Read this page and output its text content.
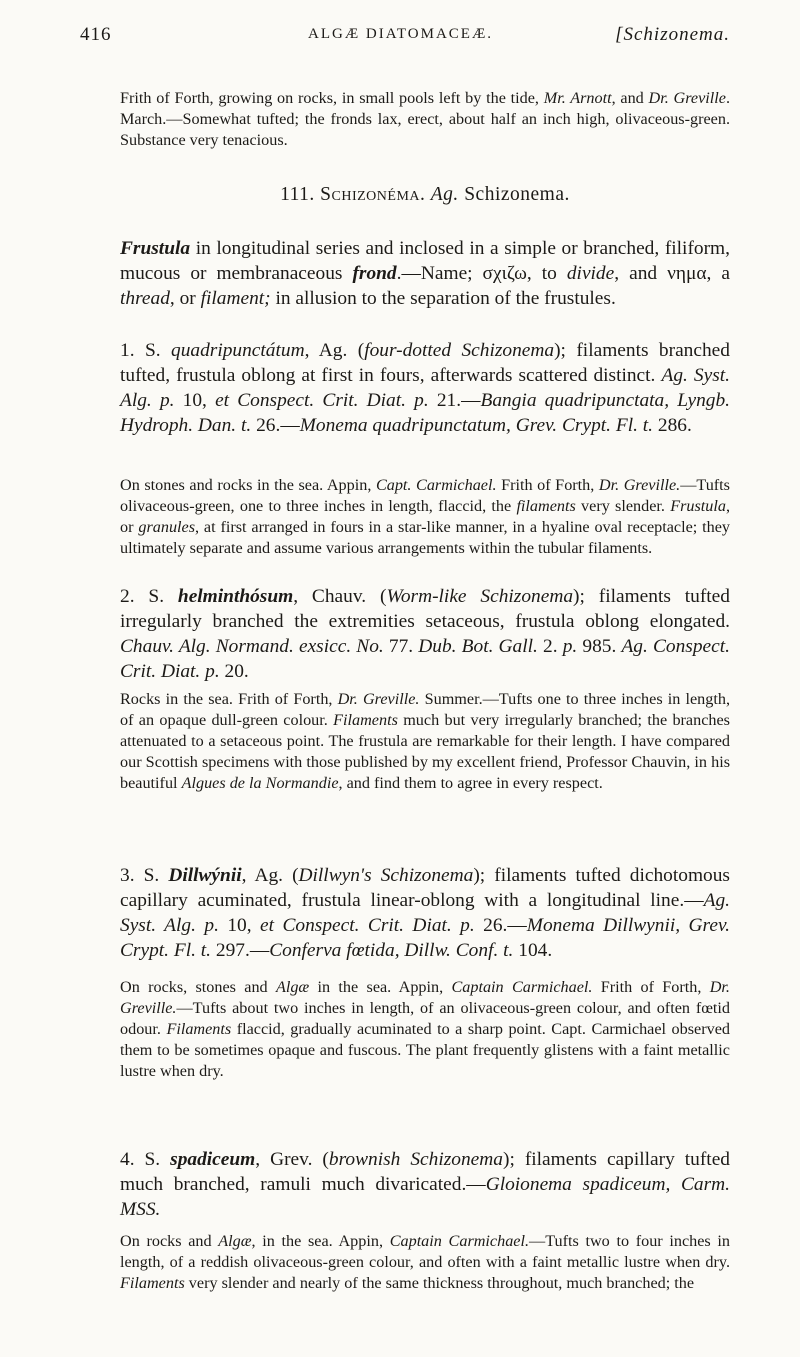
416	ALGÆ DIATOMACEÆ.	[Schizonema.

Frith of Forth, growing on rocks, in small pools left by the tide, Mr. Arnott, and Dr. Greville. March.—Somewhat tufted; the fronds lax, erect, about half an inch high, olivaceous-green. Substance very tenacious.

111. Schizonéma. Ag. Schizonema.

Frustula in longitudinal series and inclosed in a simple or branched, filiform, mucous or membranaceous frond.—Name; σχιζω, to divide, and νημα, a thread, or filament; in allusion to the separation of the frustules.

1. S. quadripunctátum, Ag. (four-dotted Schizonema); filaments branched tufted, frustula oblong at first in fours, afterwards scattered distinct. Ag. Syst. Alg. p. 10, et Conspect. Crit. Diat. p. 21.—Bangia quadripunctata, Lyngb. Hydroph. Dan. t. 26.—Monema quadripunctatum, Grev. Crypt. Fl. t. 286.

On stones and rocks in the sea. Appin, Capt. Carmichael. Frith of Forth, Dr. Greville.—Tufts olivaceous-green, one to three inches in length, flaccid, the filaments very slender. Frustula, or granules, at first arranged in fours in a star-like manner, in a hyaline oval receptacle; they ultimately separate and assume various arrangements within the tubular filaments.

2. S. helminthósum, Chauv. (Worm-like Schizonema); filaments tufted irregularly branched the extremities setaceous, frustula oblong elongated. Chauv. Alg. Normand. exsicc. No. 77. Dub. Bot. Gall. 2. p. 985. Ag. Conspect. Crit. Diat. p. 20.

Rocks in the sea. Frith of Forth, Dr. Greville. Summer.—Tufts one to three inches in length, of an opaque dull-green colour. Filaments much but very irregularly branched; the branches attenuated to a setaceous point. The frustula are remarkable for their length. I have compared our Scottish specimens with those published by my excellent friend, Professor Chauvin, in his beautiful Algues de la Normandie, and find them to agree in every respect.

3. S. Dillwýnii, Ag. (Dillwyn's Schizonema); filaments tufted dichotomous capillary acuminated, frustula linear-oblong with a longitudinal line.—Ag. Syst. Alg. p. 10, et Conspect. Crit. Diat. p. 26.—Monema Dillwynii, Grev. Crypt. Fl. t. 297.—Conferva fœtida, Dillw. Conf. t. 104.

On rocks, stones and Algæ in the sea. Appin, Captain Carmichael. Frith of Forth, Dr. Greville.—Tufts about two inches in length, of an olivaceous-green colour, and often fœtid odour. Filaments flaccid, gradually acuminated to a sharp point. Capt. Carmichael observed them to be sometimes opaque and fuscous. The plant frequently glistens with a faint metallic lustre when dry.

4. S. spadiceum, Grev. (brownish Schizonema); filaments capillary tufted much branched, ramuli much divaricated.—Gloionema spadiceum, Carm. MSS.

On rocks and Algæ, in the sea. Appin, Captain Carmichael.—Tufts two to four inches in length, of a reddish olivaceous-green colour, and often with a faint metallic lustre when dry. Filaments very slender and nearly of the same thickness throughout, much branched; the
